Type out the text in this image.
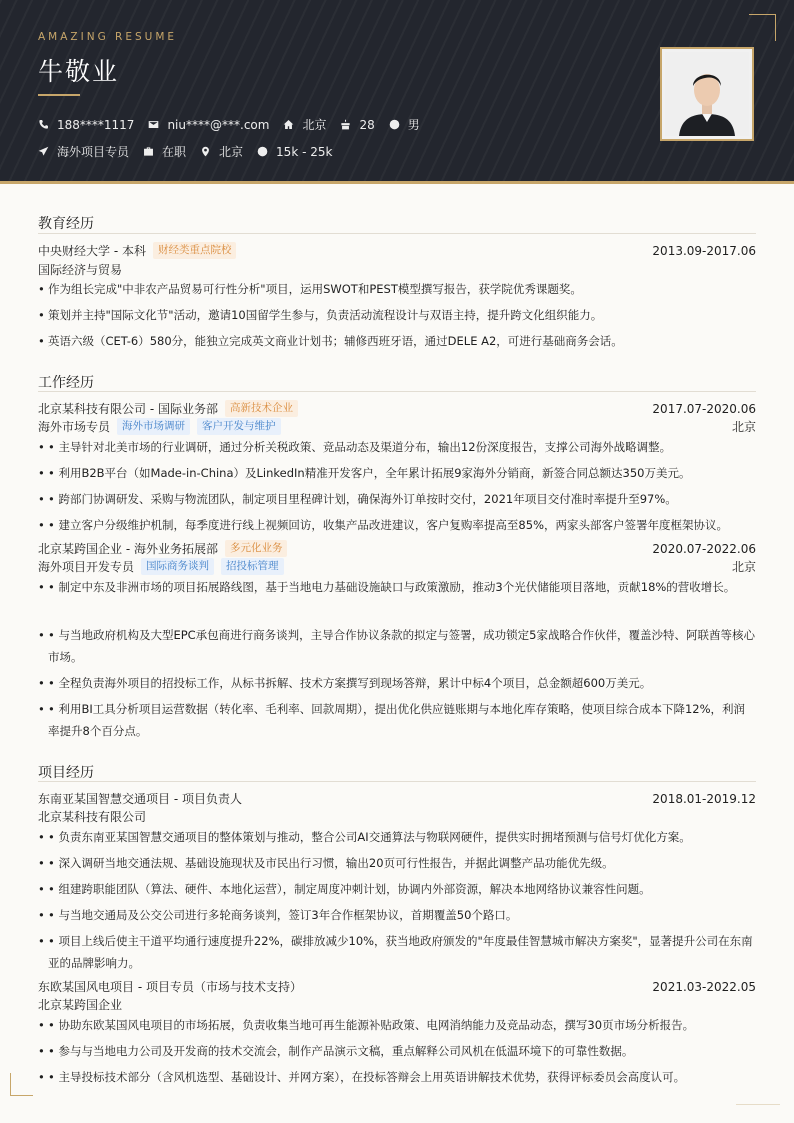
AMAZING RESUME
牛敬业
188****1117	niu****@***.com	北京	28	男
海外项目专员	在职	北京	15k - 25k
教育经历
中央财经大学 - 本科	财经类重点院校	2013.09-2017.06
国际经济与贸易
• 作为组长完成"中非农产品贸易可行性分析"项目，运用SWOT和PEST模型撰写报告，获学院优秀课题奖。
• 策划并主持"国际文化节"活动，邀请10国留学生参与，负责活动流程设计与双语主持，提升跨文化组织能力。
• 英语六级（CET-6）580分，能独立完成英文商业计划书；辅修西班牙语，通过DELE A2，可进行基础商务会话。
工作经历
北京某科技有限公司 - 国际业务部	高新技术企业	2017.07-2020.06
海外市场专员	海外市场调研	客户开发与维护	北京
• • 主导针对北美市场的行业调研，通过分析关税政策、竞品动态及渠道分布，输出12份深度报告，支撑公司海外战略调整。
• • 利用B2B平台（如Made-in-China）及LinkedIn精准开发客户，全年累计拓展9家海外分销商，新签合同总额达350万美元。
• • 跨部门协调研发、采购与物流团队，制定项目里程碑计划，确保海外订单按时交付，2021年项目交付准时率提升至97%。
• • 建立客户分级维护机制，每季度进行线上视频回访，收集产品改进建议，客户复购率提高至85%，两家头部客户签署年度框架协议。
北京某跨国企业 - 海外业务拓展部	多元化业务	2020.07-2022.06
海外项目开发专员	国际商务谈判	招投标管理	北京
• • 制定中东及非洲市场的项目拓展路线图，基于当地电力基础设施缺口与政策激励，推动3个光伏储能项目落地，贡献18%的营收增长。
• • 与当地政府机构及大型EPC承包商进行商务谈判，主导合作协议条款的拟定与签署，成功锁定5家战略合作伙伴，覆盖沙特、阿联酋等核心市场。
• • 全程负责海外项目的招投标工作，从标书拆解、技术方案撰写到现场答辩，累计中标4个项目，总金额超600万美元。
• • 利用BI工具分析项目运营数据（转化率、毛利率、回款周期），提出优化供应链账期与本地化库存策略，使项目综合成本下降12%，利润率提升8个百分点。
项目经历
东南亚某国智慧交通项目 - 项目负责人	2018.01-2019.12
北京某科技有限公司
• • 负责东南亚某国智慧交通项目的整体策划与推动，整合公司AI交通算法与物联网硬件，提供实时拥堵预测与信号灯优化方案。
• • 深入调研当地交通法规、基础设施现状及市民出行习惯，输出20页可行性报告，并据此调整产品功能优先级。
• • 组建跨职能团队（算法、硬件、本地化运营），制定周度冲刺计划，协调内外部资源，解决本地网络协议兼容性问题。
• • 与当地交通局及公交公司进行多轮商务谈判，签订3年合作框架协议，首期覆盖50个路口。
• • 项目上线后使主干道平均通行速度提升22%，碳排放减少10%，获当地政府颁发的"年度最佳智慧城市解决方案奖"，显著提升公司在东南亚的品牌影响力。
东欧某国风电项目 - 项目专员（市场与技术支持）	2021.03-2022.05
北京某跨国企业
• • 协助东欧某国风电项目的市场拓展，负责收集当地可再生能源补贴政策、电网消纳能力及竞品动态，撰写30页市场分析报告。
• • 参与与当地电力公司及开发商的技术交流会，制作产品演示文稿，重点解释公司风机在低温环境下的可靠性数据。
• • 主导投标技术部分（含风机选型、基础设计、并网方案），在投标答辩会上用英语讲解技术优势，获得评标委员会高度认可。
